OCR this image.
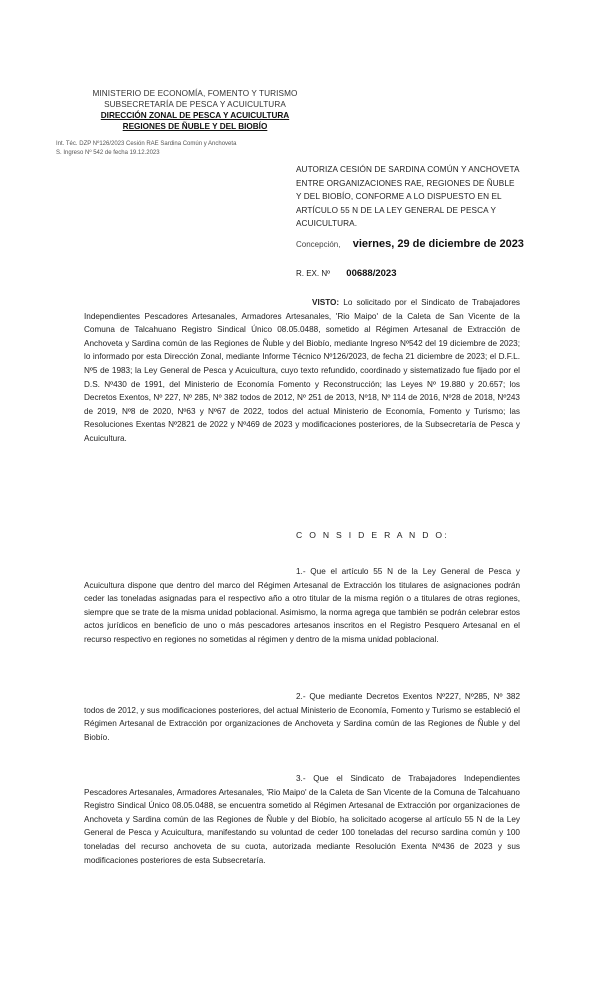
MINISTERIO DE ECONOMÍA, FOMENTO Y TURISMO
SUBSECRETARÍA DE PESCA Y ACUICULTURA
DIRECCIÓN ZONAL DE PESCA Y ACUICULTURA
REGIONES DE ÑUBLE Y DEL BIOBÍO
Int. Téc. DZP Nº126/2023 Cesión RAE Sardina Común y Anchoveta
S. Ingreso Nº 542 de fecha 19.12.2023
AUTORIZA CESIÓN DE SARDINA COMÚN Y ANCHOVETA ENTRE ORGANIZACIONES RAE, REGIONES DE ÑUBLE Y DEL BIOBÍO, CONFORME A LO DISPUESTO EN EL ARTÍCULO 55 N DE LA LEY GENERAL DE PESCA Y ACUICULTURA.
Concepción, viernes, 29 de diciembre de 2023
R. EX. Nº 00688/2023
VISTO: Lo solicitado por el Sindicato de Trabajadores Independientes Pescadores Artesanales, Armadores Artesanales, 'Rio Maipo' de la Caleta de San Vicente de la Comuna de Talcahuano Registro Sindical Único 08.05.0488, sometido al Régimen Artesanal de Extracción de Anchoveta y Sardina común de las Regiones de Ñuble y del Biobío, mediante Ingreso Nº542 del 19 diciembre de 2023; lo informado por esta Dirección Zonal, mediante Informe Técnico Nº126/2023, de fecha 21 diciembre de 2023; el D.F.L. Nº5 de 1983; la Ley General de Pesca y Acuicultura, cuyo texto refundido, coordinado y sistematizado fue fijado por el D.S. Nº430 de 1991, del Ministerio de Economía Fomento y Reconstrucción; las Leyes Nº 19.880 y 20.657; los Decretos Exentos, Nº 227, Nº 285, Nº 382 todos de 2012, Nº 251 de 2013, Nº18, Nº 114 de 2016, Nº28 de 2018, Nº243 de 2019, Nº8 de 2020, Nº63 y Nº67 de 2022, todos del actual Ministerio de Economía, Fomento y Turismo; las Resoluciones Exentas Nº2821 de 2022 y Nº469 de 2023 y modificaciones posteriores, de la Subsecretaría de Pesca y Acuicultura.
C O N S I D E R A N D O:
1.- Que el artículo 55 N de la Ley General de Pesca y Acuicultura dispone que dentro del marco del Régimen Artesanal de Extracción los titulares de asignaciones podrán ceder las toneladas asignadas para el respectivo año a otro titular de la misma región o a titulares de otras regiones, siempre que se trate de la misma unidad poblacional. Asimismo, la norma agrega que también se podrán celebrar estos actos jurídicos en beneficio de uno o más pescadores artesanos inscritos en el Registro Pesquero Artesanal en el recurso respectivo en regiones no sometidas al régimen y dentro de la misma unidad poblacional.
2.- Que mediante Decretos Exentos Nº227, Nº285, Nº 382 todos de 2012, y sus modificaciones posteriores, del actual Ministerio de Economía, Fomento y Turismo se estableció el Régimen Artesanal de Extracción por organizaciones de Anchoveta y Sardina común de las Regiones de Ñuble y del Biobío.
3.- Que el Sindicato de Trabajadores Independientes Pescadores Artesanales, Armadores Artesanales, 'Rio Maipo' de la Caleta de San Vicente de la Comuna de Talcahuano Registro Sindical Único 08.05.0488, se encuentra sometido al Régimen Artesanal de Extracción por organizaciones de Anchoveta y Sardina común de las Regiones de Ñuble y del Biobío, ha solicitado acogerse al artículo 55 N de la Ley General de Pesca y Acuicultura, manifestando su voluntad de ceder 100 toneladas del recurso sardina común y 100 toneladas del recurso anchoveta de su cuota, autorizada mediante Resolución Exenta Nº436 de 2023 y sus modificaciones posteriores de esta Subsecretaría.
